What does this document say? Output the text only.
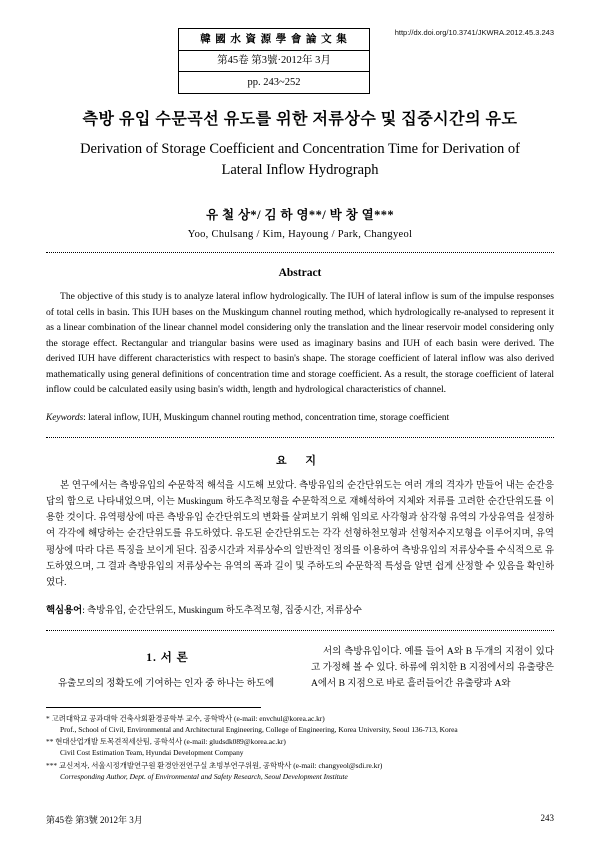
http://dx.doi.org/10.3741/JKWRA.2012.45.3.243
韓 國 水 資 源 學 會 論 文 集
第45卷 第3號·2012年 3月
pp. 243~252
측방 유입 수문곡선 유도를 위한 저류상수 및 집중시간의 유도
Derivation of Storage Coefficient and Concentration Time for Derivation of
Lateral Inflow Hydrograph
유 철 상*/ 김 하 영**/ 박 창 열***
Yoo, Chulsang / Kim, Hayoung / Park, Changyeol
Abstract

The objective of this study is to analyze lateral inflow hydrologically. The IUH of lateral inflow is sum of the impulse responses of total cells in basin. This IUH bases on the Muskingum channel routing method, which hydrologically re-analysed to represent it as a linear combination of the linear channel model considering only the translation and the linear reservoir model considering only the storage effect. Rectangular and triangular basins were used as imaginary basins and IUH of each basin were derived. The derived IUH have different characteristics with respect to basin's shape. The storage coefficient of lateral inflow was also derived mathematically using general definitions of concentration time and storage coefficient. As a result, the storage coefficient of lateral inflow could be calculated easily using basin's width, length and hydrological characteristics of channel.

Keywords: lateral inflow, IUH, Muskingum channel routing method, concentration time, storage coefficient
요 지

본 연구에서는 측방유입의 수문학적 해석을 시도해 보았다. 측방유입의 순간단위도는 여러 개의 격자가 만들어 내는 순간응답의 합으로 나타내었으며, 이는 Muskingum 하도추적모형을 수문학적으로 재해석하여 지체와 저류를 고려한 순간단위도를 이용한 것이다. 유역평상에 따른 측방유입 순간단위도의 변화를 살펴보기 위해 임의로 사각형과 삼각형 유역의 가상유역을 설정하여 각각에 해당하는 순간단위도를 유도하였다. 유도된 순간단위도는 각각 선형하천모형과 선형저수지모형을 이루어지며, 유역평상에 따라 다른 특징을 보이게 된다. 집중시간과 저류상수의 일반적인 정의를 이용하여 측방유입의 저류상수를 수식적으로 유도하였으며, 그 결과 측방유입의 저류상수는 유역의 폭과 길이 및 주하도의 수문학적 특성을 알면 쉽게 산정할 수 있음을 확인하였다.

핵심용어: 측방유입, 순간단위도, Muskingum 하도추적모형, 집중시간, 저류상수
1. 서 론

유출모의의 정확도에 기여하는 인자 중 하나는 하도에

서의 측방유입이다. 예를 들어 A와 B 두개의 지점이 있다고 가정해 볼 수 있다. 하류에 위치한 B 지점에서의 유출량은 A에서 B 지점으로 바로 흘러들어간 유출량과 A와

* 고려대학교 공과대학 건축사회환경공학부 교수, 공학박사 (e-mail: envchul@korea.ac.kr)
Prof., School of Civil, Environmental and Architectural Engineering, College of Engineering, Korea University, Seoul 136-713, Korea
** 현대산업개발 토목견적세산팀, 공학석사 (e-mail: gludsdk089@korea.ac.kr)
Civil Cost Estimation Team, Hyundai Development Company
*** 교신저자, 서울시정개발연구원 환경안전연구실 초빙부연구위원, 공학박사 (e-mail: changyeol@sdi.re.kr)
Corresponding Author, Dept. of Environmental and Safety Research, Seoul Development Institute
第45卷 第3號 2012年 3月	243
